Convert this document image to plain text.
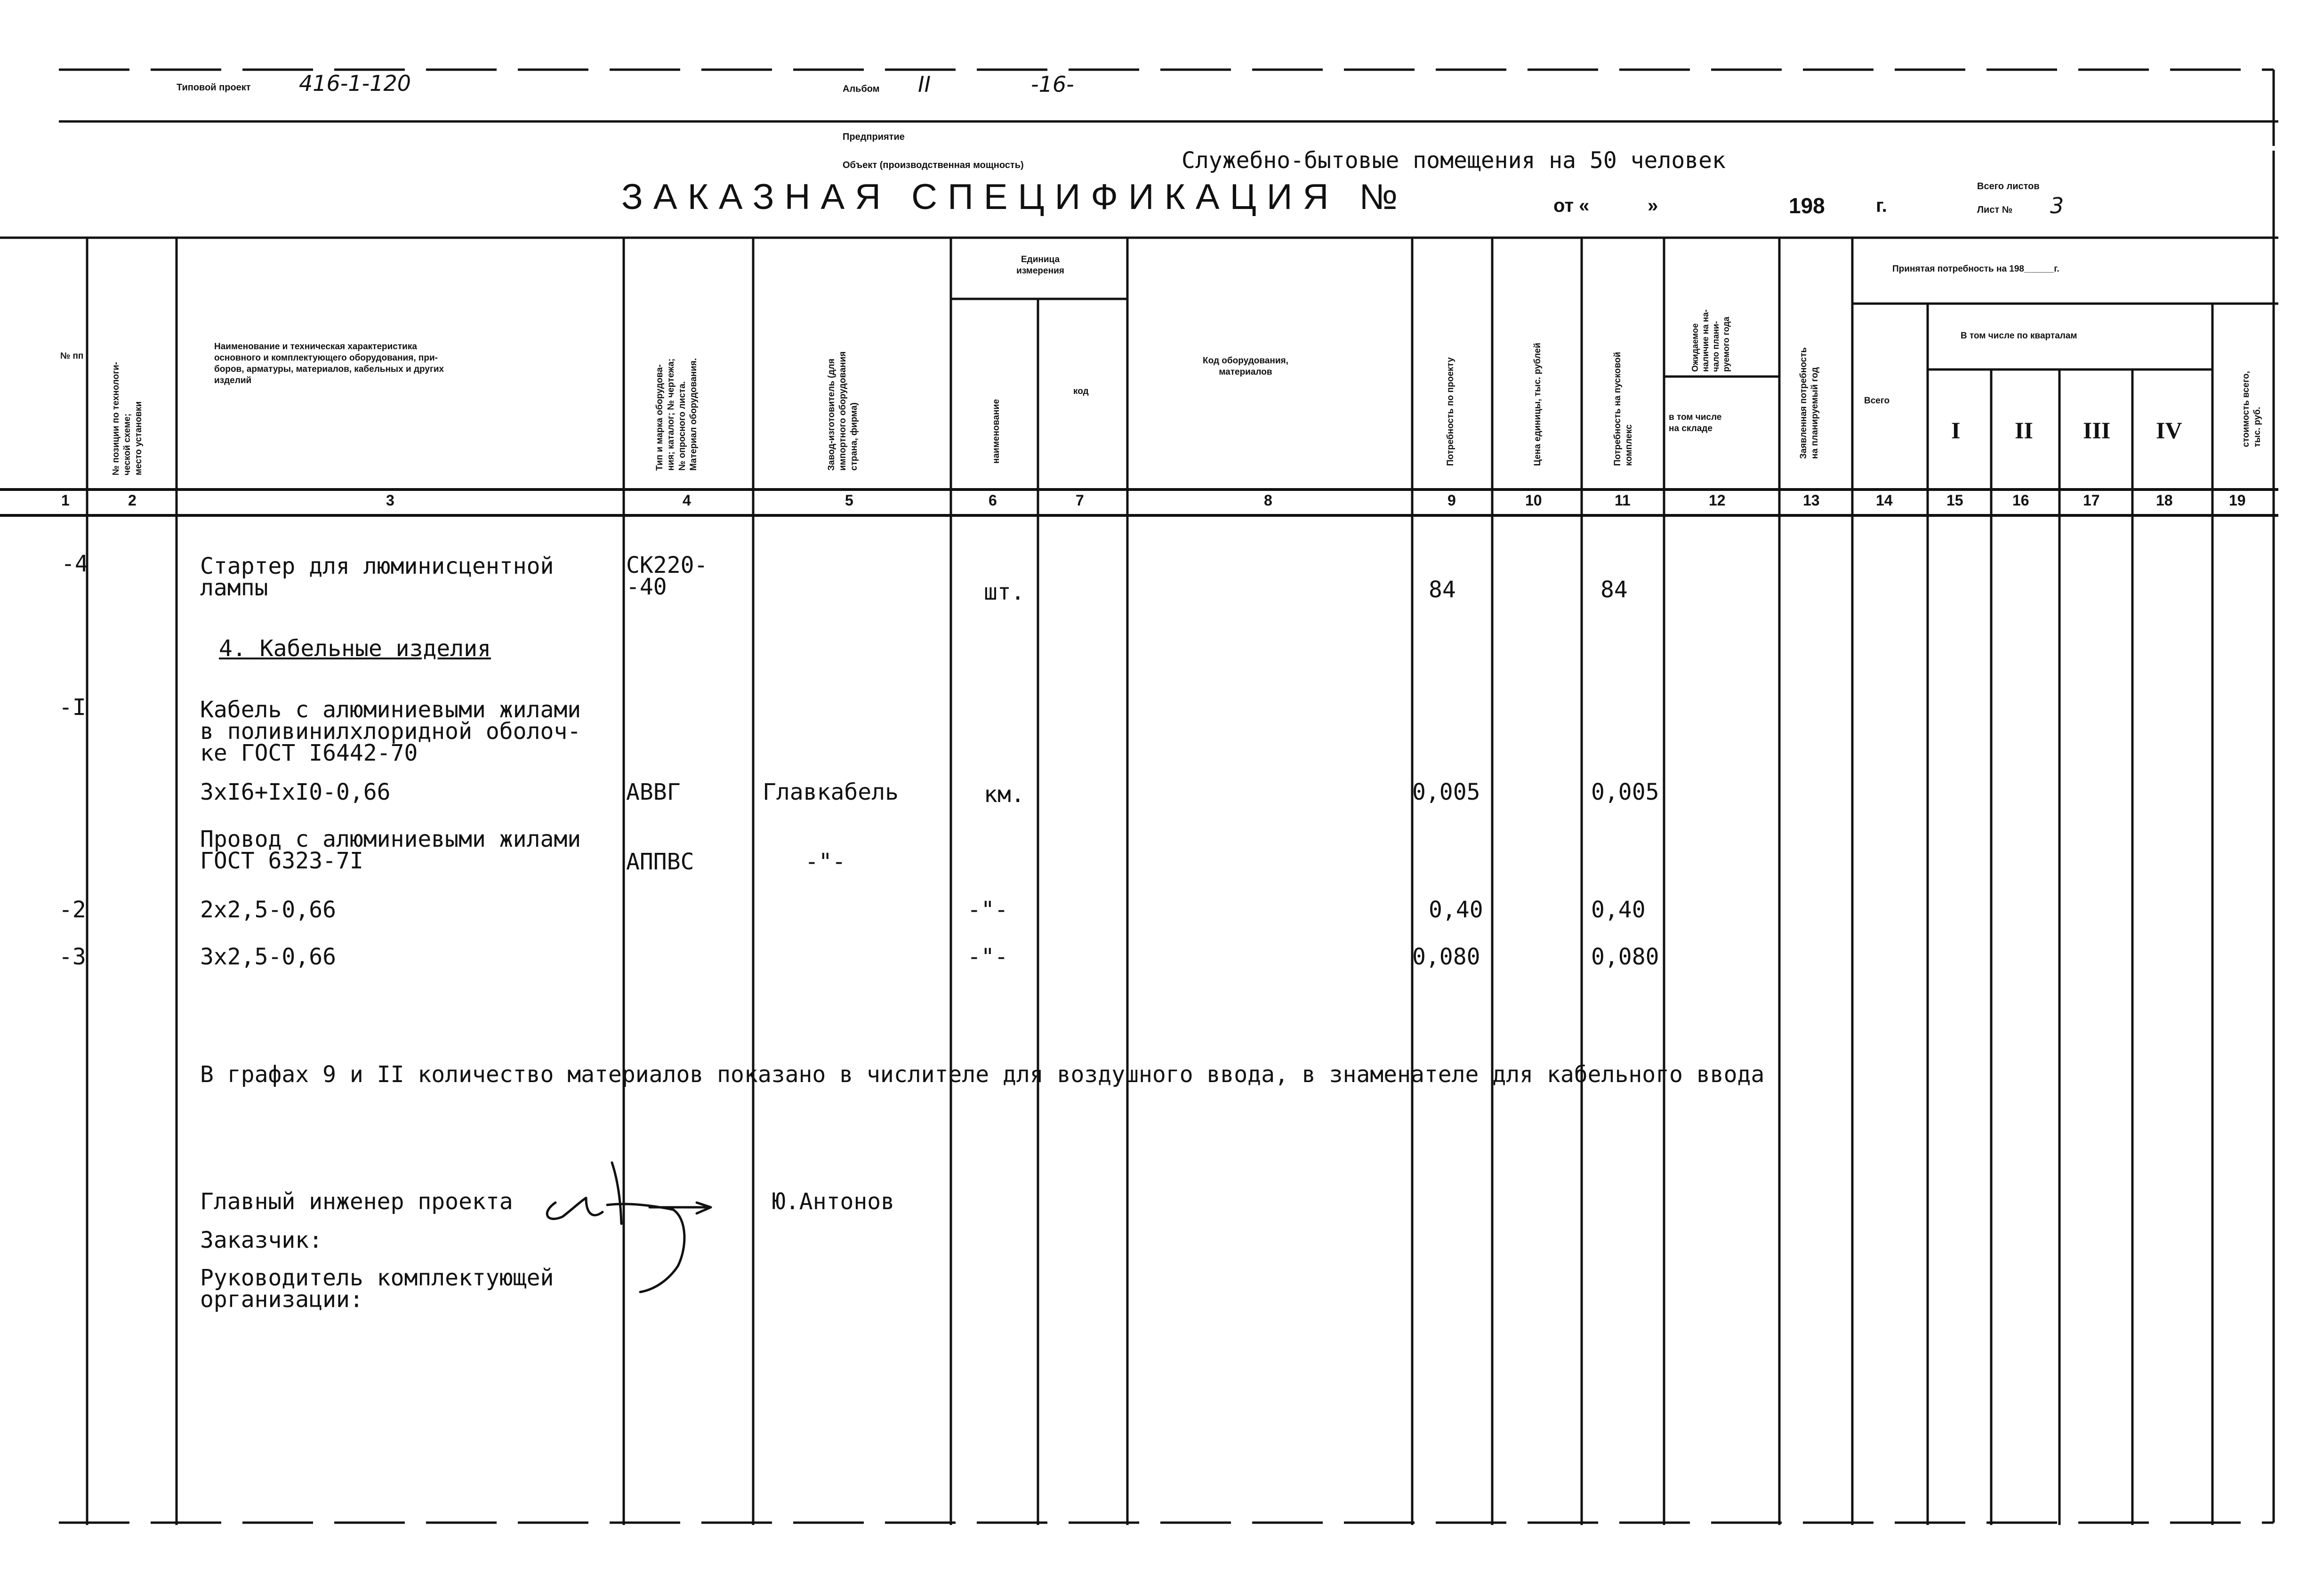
Типовой проект 416-1-120	Альбом II	-16-
Предприятие
Объект (производственная мощность)	Служебно-бытовые помещения на 50 человек
ЗАКАЗНАЯ СПЕЦИФИКАЦИЯ №	от «	»	198	г.
Всего листов
Лист № 3
№ пп
№ позиции по технологи- ческой схеме; место установки
Наименование и техническая характеристика
основного и комплектующего оборудования, при-
боров, арматуры, материалов, кабельных и других
изделий	Тип и марка оборудова- ния; каталог; № чертежа; № опросного листа. Материал оборудования.	Завод-изготовитель (для импортного оборудования страна, фирма)
Единица
измерения
наименование
код
Код оборудования,
материалов	Потребность по проекту	Цена единицы, тыс. рублей	Потребность на пусковой комплекс
Ожидаемое наличие на на- чало плани- руемого года
в том числе
на складе	Заявленная потребность на планируемый год
Принятая потребность на 198______г.
Всего
В том числе по кварталам
I II III IV	стоимость всего, тыс. руб.
1	2	3	4	5	6	7	8	9	10	11	12	13	14	15	16	17	18	19
-4	Стартер для люминисцентной
лампы
СК220-
-40	шт.	84	84
4. Кабельные изделия
-I	Кабель с алюминиевыми жилами
в поливинилхлоридной оболоч-
ке ГОСТ I6442-70
3хI6+IхI0-0,66	АВВГ	Главкабель	км.	0,005	0,005
Провод с алюминиевыми жилами
ГОСТ 6323-7I	АППВС	-"-
-2	2х2,5-0,66	-"-	0,40	0,40
-3	3х2,5-0,66	-"-	0,080	0,080
В графах 9 и II количество материалов показано в числителе для воздушного ввода, в знаменателе для кабельного ввода
Главный инженер проекта	Ю.Антонов
Заказчик:
Руководитель комплектующей
организации:
